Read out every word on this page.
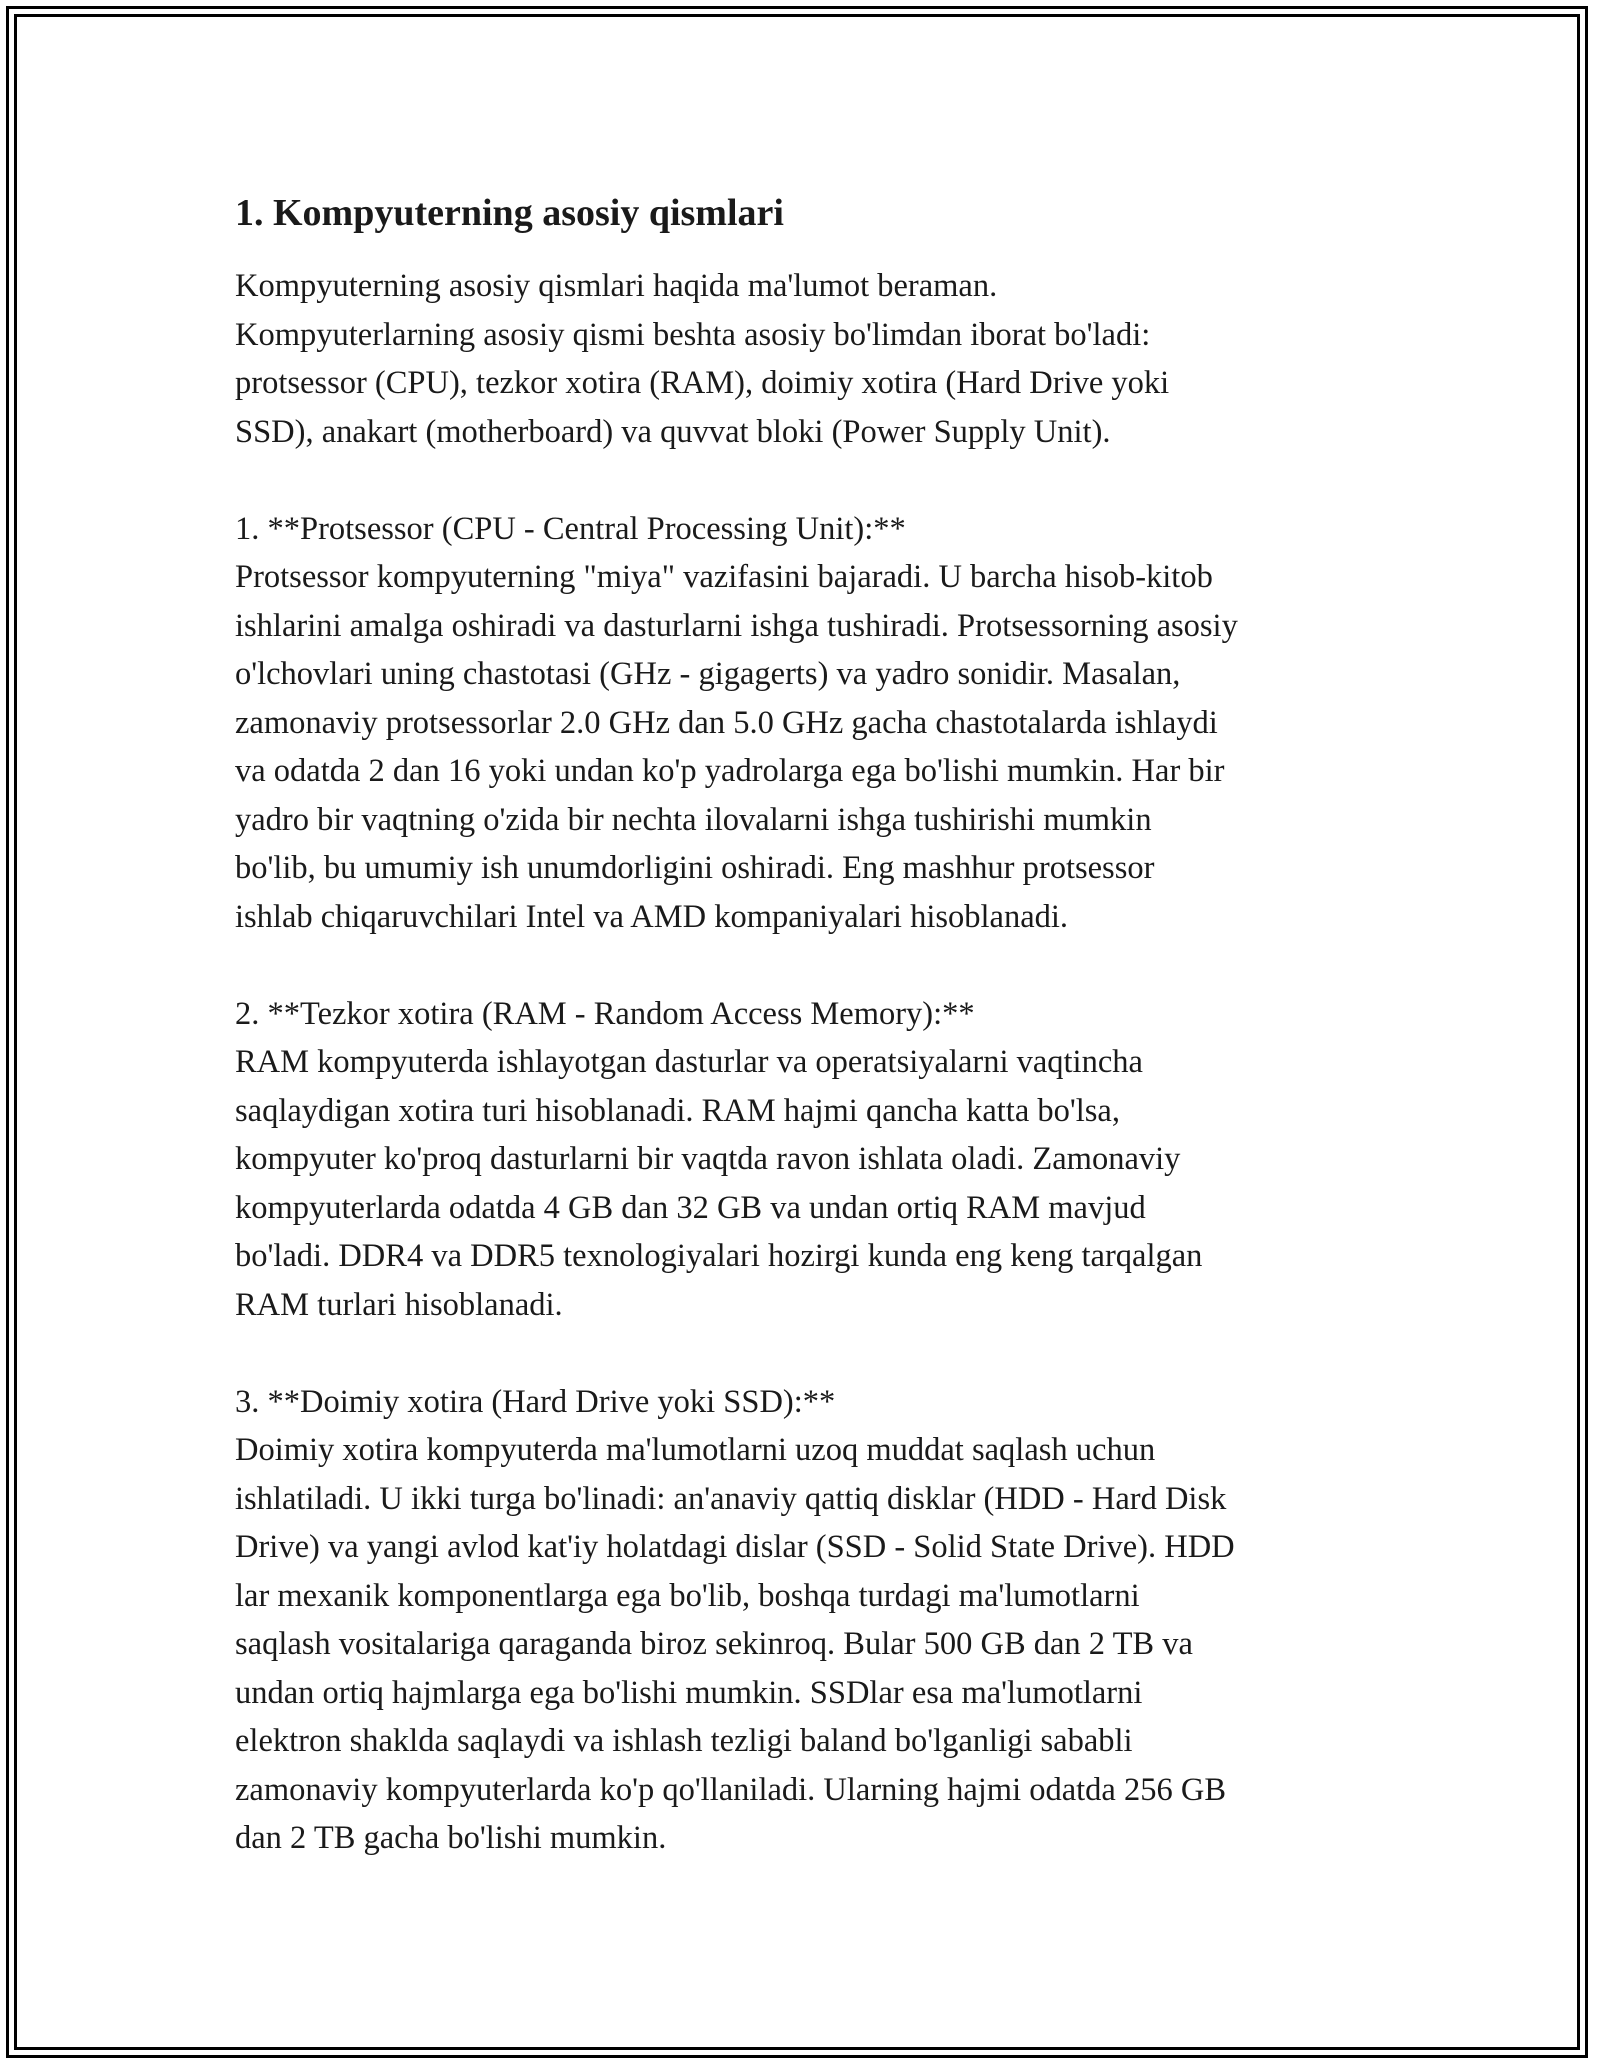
1. Kompyuterning asosiy qismlari

Kompyuterning asosiy qismlari haqida ma'lumot beraman.
Kompyuterlarning asosiy qismi beshta asosiy bo'limdan iborat bo'ladi:
protsessor (CPU), tezkor xotira (RAM), doimiy xotira (Hard Drive yoki
SSD), anakart (motherboard) va quvvat bloki (Power Supply Unit).

1. **Protsessor (CPU - Central Processing Unit):**

Protsessor kompyuterning "miya" vazifasini bajaradi. U barcha hisob-kitob
ishlarini amalga oshiradi va dasturlarni ishga tushiradi. Protsessorning asosiy
o'lchovlari uning chastotasi (GHz - gigagerts) va yadro sonidir. Masalan,
zamonaviy protsessorlar 2.0 GHz dan 5.0 GHz gacha chastotalarda ishlaydi
va odatda 2 dan 16 yoki undan ko'p yadrolarga ega bo'lishi mumkin. Har bir
yadro bir vaqtning o'zida bir nechta ilovalarni ishga tushirishi mumkin
bo'lib, bu umumiy ish unumdorligini oshiradi. Eng mashhur protsessor
ishlab chiqaruvchilari Intel va AMD kompaniyalari hisoblanadi.

2. **Tezkor xotira (RAM - Random Access Memory):**

RAM kompyuterda ishlayotgan dasturlar va operatsiyalarni vaqtincha
saqlaydigan xotira turi hisoblanadi. RAM hajmi qancha katta bo'lsa,
kompyuter ko'proq dasturlarni bir vaqtda ravon ishlata oladi. Zamonaviy
kompyuterlarda odatda 4 GB dan 32 GB va undan ortiq RAM mavjud
bo'ladi. DDR4 va DDR5 texnologiyalari hozirgi kunda eng keng tarqalgan
RAM turlari hisoblanadi.

3. **Doimiy xotira (Hard Drive yoki SSD):**

Doimiy xotira kompyuterda ma'lumotlarni uzoq muddat saqlash uchun
ishlatiladi. U ikki turga bo'linadi: an'anaviy qattiq disklar (HDD - Hard Disk
Drive) va yangi avlod kat'iy holatdagi dislar (SSD - Solid State Drive). HDD
lar mexanik komponentlarga ega bo'lib, boshqa turdagi ma'lumotlarni
saqlash vositalariga qaraganda biroz sekinroq. Bular 500 GB dan 2 TB va
undan ortiq hajmlarga ega bo'lishi mumkin. SSDlar esa ma'lumotlarni
elektron shaklda saqlaydi va ishlash tezligi baland bo'lganligi sababli
zamonaviy kompyuterlarda ko'p qo'llaniladi. Ularning hajmi odatda 256 GB
dan 2 TB gacha bo'lishi mumkin.
